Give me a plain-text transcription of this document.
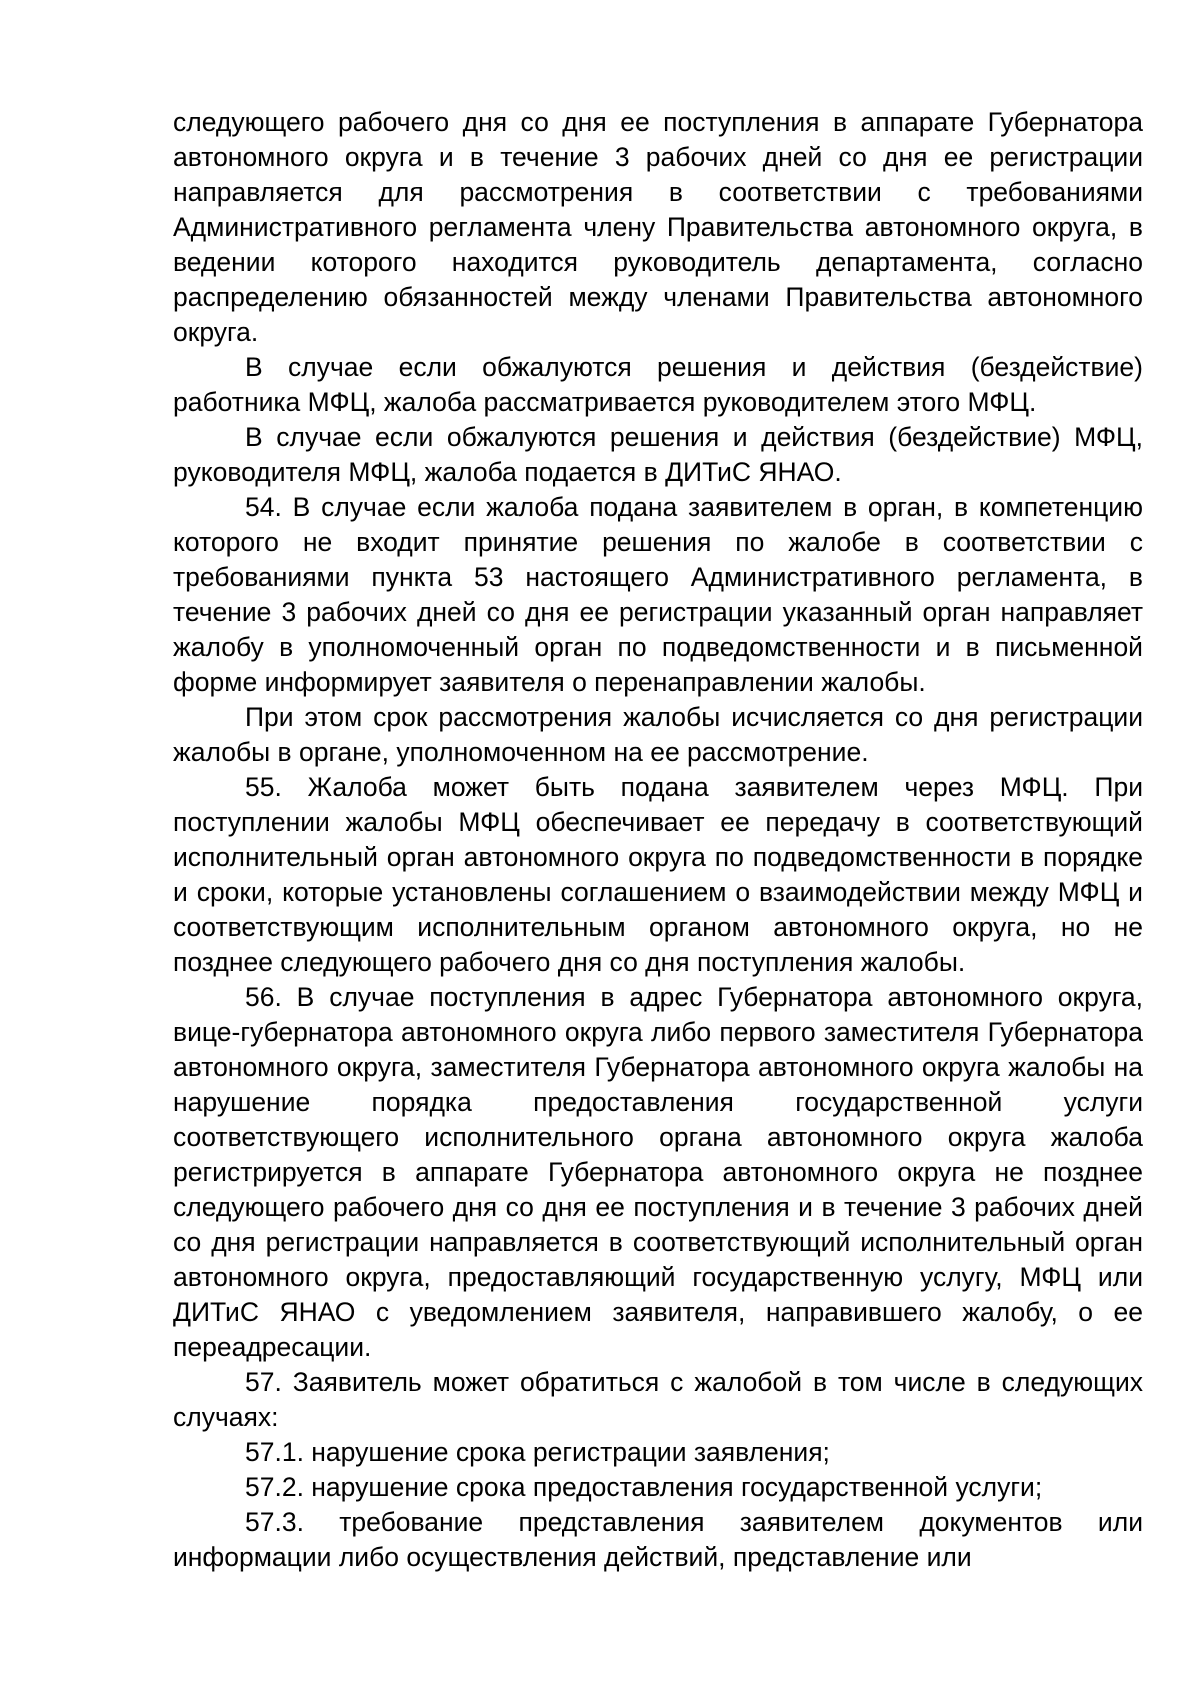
следующего рабочего дня со дня ее поступления в аппарате Губернатора автономного округа и в течение 3 рабочих дней со дня ее регистрации направляется для рассмотрения в соответствии с требованиями Административного регламента члену Правительства автономного округа, в ведении которого находится руководитель департамента, согласно распределению обязанностей между членами Правительства автономного округа.

В случае если обжалуются решения и действия (бездействие) работника МФЦ, жалоба рассматривается руководителем этого МФЦ.

В случае если обжалуются решения и действия (бездействие) МФЦ, руководителя МФЦ, жалоба подается в ДИТиС ЯНАО.

54. В случае если жалоба подана заявителем в орган, в компетенцию которого не входит принятие решения по жалобе в соответствии с требованиями пункта 53 настоящего Административного регламента, в течение 3 рабочих дней со дня ее регистрации указанный орган направляет жалобу в уполномоченный орган по подведомственности и в письменной форме информирует заявителя о перенаправлении жалобы.

При этом срок рассмотрения жалобы исчисляется со дня регистрации жалобы в органе, уполномоченном на ее рассмотрение.

55. Жалоба может быть подана заявителем через МФЦ. При поступлении жалобы МФЦ обеспечивает ее передачу в соответствующий исполнительный орган автономного округа по подведомственности в порядке и сроки, которые установлены соглашением о взаимодействии между МФЦ и соответствующим исполнительным органом автономного округа, но не позднее следующего рабочего дня со дня поступления жалобы.

56. В случае поступления в адрес Губернатора автономного округа, вице-губернатора автономного округа либо первого заместителя Губернатора автономного округа, заместителя Губернатора автономного округа жалобы на нарушение порядка предоставления государственной услуги соответствующего исполнительного органа автономного округа жалоба регистрируется в аппарате Губернатора автономного округа не позднее следующего рабочего дня со дня ее поступления и в течение 3 рабочих дней со дня регистрации направляется в соответствующий исполнительный орган автономного округа, предоставляющий государственную услугу, МФЦ или ДИТиС ЯНАО с уведомлением заявителя, направившего жалобу, о ее переадресации.

57. Заявитель может обратиться с жалобой в том числе в следующих случаях:

57.1. нарушение срока регистрации заявления;

57.2. нарушение срока предоставления государственной услуги;

57.3. требование представления заявителем документов или информации либо осуществления действий, представление или
